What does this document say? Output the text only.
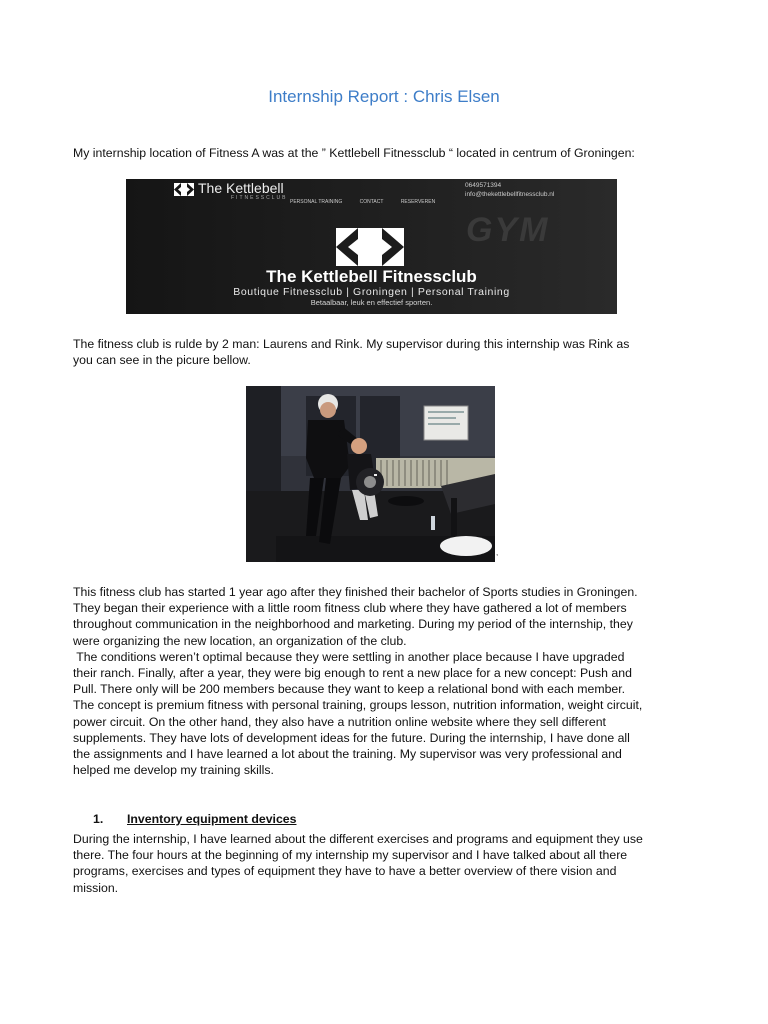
Internship Report : Chris Elsen

My internship location of Fitness A was at the ” Kettlebell Fitnessclub “ located in centrum of Groningen:

The Kettlebell
FITNESSCLUB
0649571394
info@thekettlebellfitnessclub.nl
PERSONAL TRAINING	CONTACT	RESERVEREN
GYM
The Kettlebell Fitnessclub
Boutique Fitnessclub | Groningen | Personal Training
Betaalbaar, leuk en effectief sporten.

The fitness club is rulde by 2 man: Laurens and Rink. My supervisor during this internship was Rink as
you can see in the picure bellow.

,

This fitness club has started 1 year ago after they finished their bachelor of Sports studies in Groningen.
They began their experience with a little room fitness club where they have gathered a lot of members
throughout communication in the neighborhood and marketing. During my period of the internship, they
were organizing the new location, an organization of the club.
The conditions weren’t optimal because they were settling in another place because I have upgraded
their ranch. Finally, after a year, they were big enough to rent a new place for a new concept: Push and
Pull. There only will be 200 members because they want to keep a relational bond with each member.
The concept is premium fitness with personal training, groups lesson, nutrition information, weight circuit,
power circuit. On the other hand, they also have a nutrition online website where they sell different
supplements. They have lots of development ideas for the future. During the internship, I have done all
the assignments and I have learned a lot about the training. My supervisor was very professional and
helped me develop my training skills.

1. Inventory equipment devices

During the internship, I have learned about the different exercises and programs and equipment they use
there. The four hours at the beginning of my internship my supervisor and I have talked about all there
programs, exercises and types of equipment they have to have a better overview of there vision and
mission.
